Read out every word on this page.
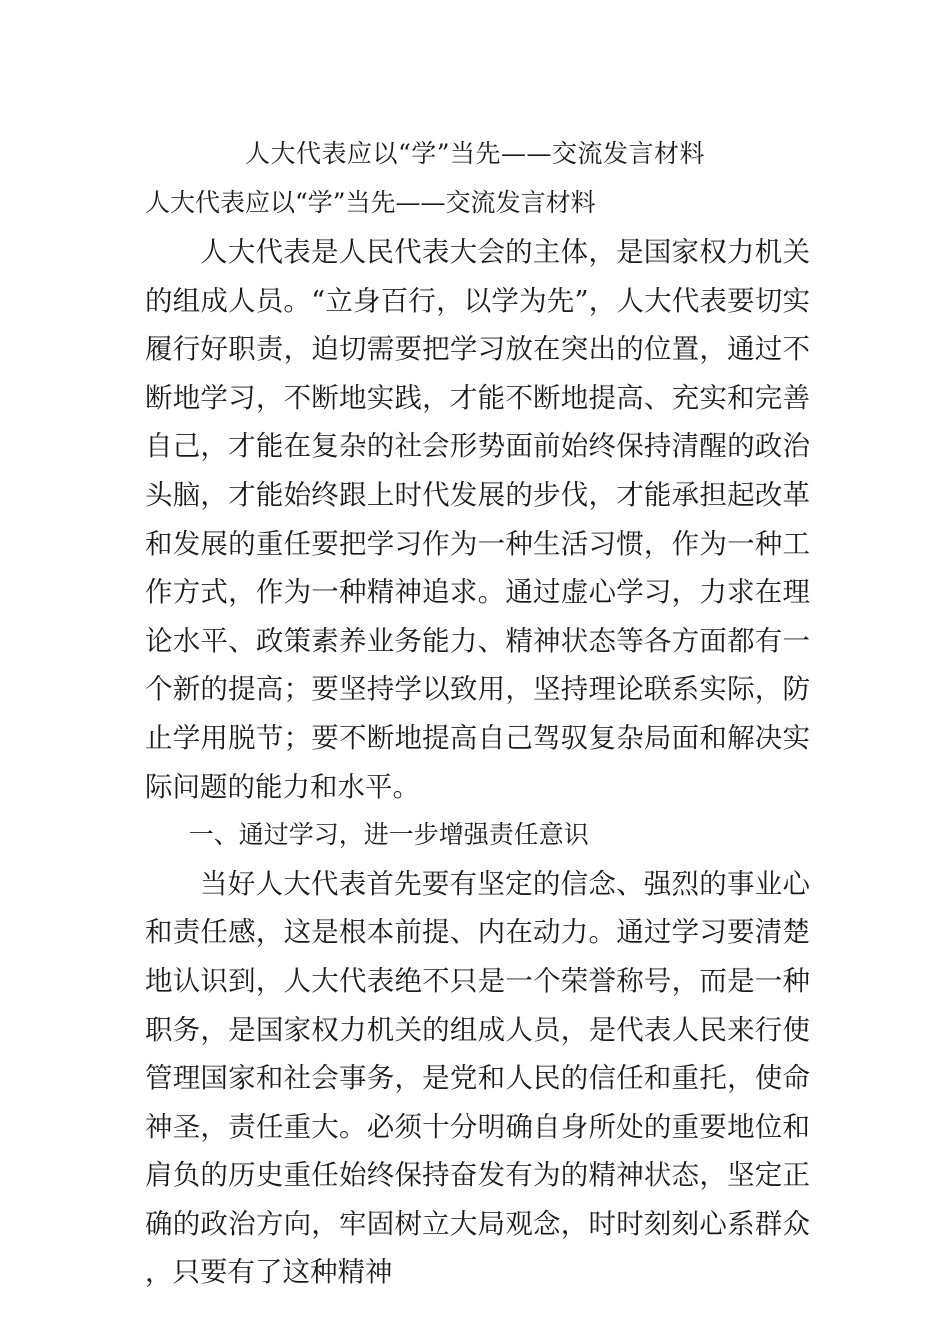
人大代表应以“学”当先——交流发言材料
人大代表应以“学”当先——交流发言材料

人大代表是人民代表大会的主体，是国家权力机关的组成人员。“立身百行，以学为先”，人大代表要切实履行好职责，迫切需要把学习放在突出的位置，通过不断地学习，不断地实践，才能不断地提高、充实和完善自己，才能在复杂的社会形势面前始终保持清醒的政治头脑，才能始终跟上时代发展的步伐，才能承担起改革和发展的重任要把学习作为一种生活习惯，作为一种工作方式，作为一种精神追求。通过虚心学习，力求在理论水平、政策素养业务能力、精神状态等各方面都有一个新的提高；要坚持学以致用，坚持理论联系实际，防止学用脱节；要不断地提高自己驾驭复杂局面和解决实际问题的能力和水平。

一、通过学习，进一步增强责任意识

当好人大代表首先要有坚定的信念、强烈的事业心和责任感，这是根本前提、内在动力。通过学习要清楚地认识到，人大代表绝不只是一个荣誉称号，而是一种职务，是国家权力机关的组成人员，是代表人民来行使管理国家和社会事务，是党和人民的信任和重托，使命神圣，责任重大。必须十分明确自身所处的重要地位和肩负的历史重任始终保持奋发有为的精神状态，坚定正确的政治方向，牢固树立大局观念，时时刻刻心系群众，只要有了这种精神
